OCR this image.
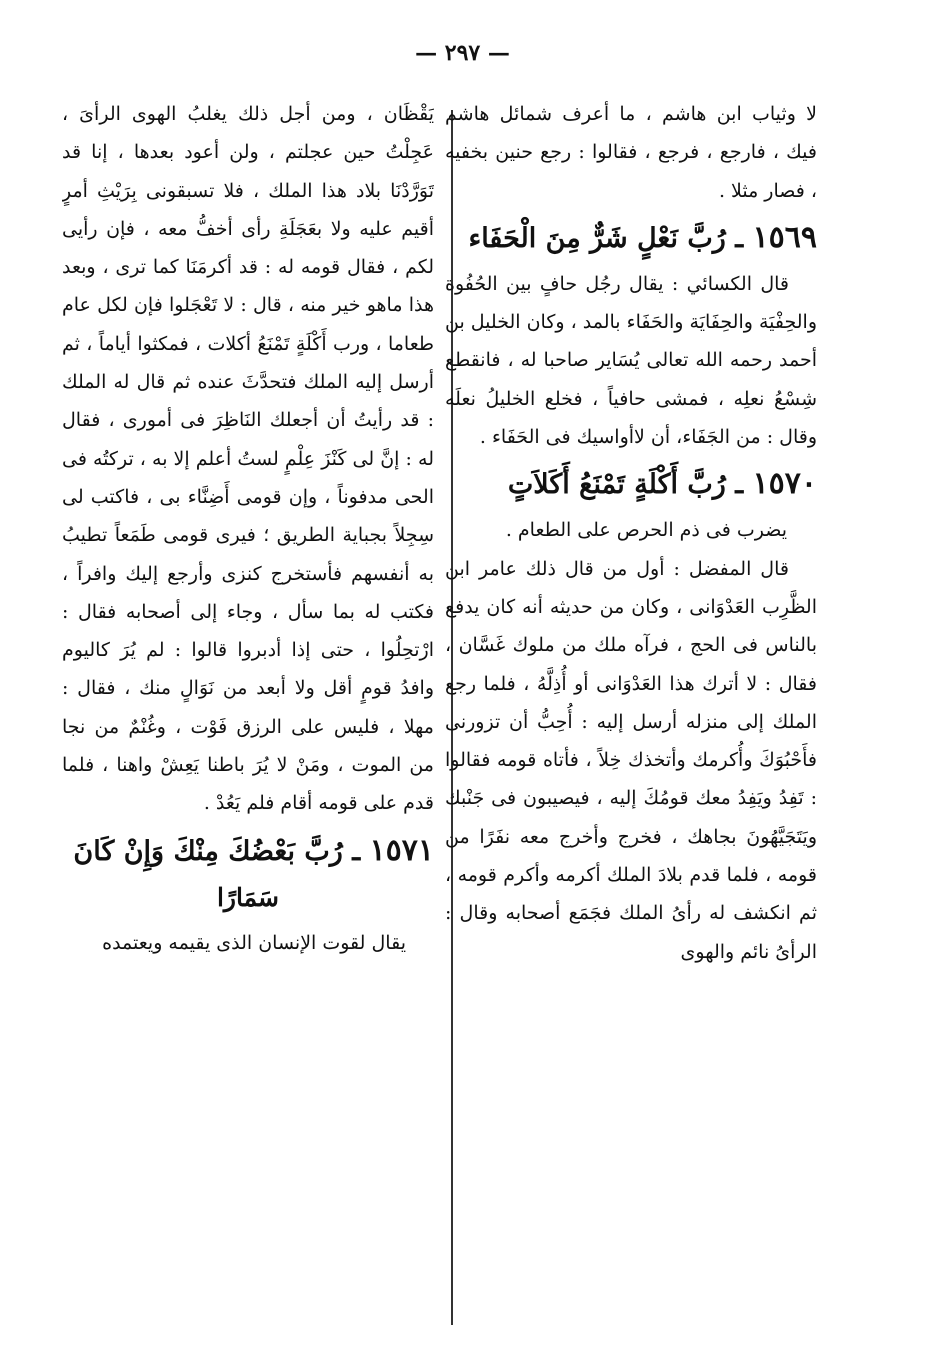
— ٢٩٧ —

لا وثياب ابن هاشم ، ما أعرف شمائل هاشم فيك ، فارجع ، فرجع ، فقالوا : رجع حنين بخفيه ، فصار مثلا .

١٥٦٩ ـ رُبَّ نَعْلٍ شَرٌّ مِنَ الْحَفَاء

قال الكسائي : يقال رجُل حافٍ بين الحُفُوة والحِفْيَة والحِفَايَة والحَفَاء بالمد ، وكان الخليل بن أحمد رحمه الله تعالى يُسَاير صاحبا له ، فانقطع شِسْعُ نعلِه ، فمشى حافياً ، فخلع الخليلُ نعلَه وقال : من الجَفَاء، أن لاأواسيك فى الحَفَاء .

١٥٧٠ ـ رُبَّ أَكْلَةٍ تَمْنَعُ أَكَلاَتٍ

يضرب فى ذم الحرص على الطعام .

قال المفضل : أول من قال ذلك عامر ابن الظَّرِب العَدْوَانى ، وكان من حديثه أنه كان يدفع بالناس فى الحج ، فرآه ملك من ملوك غَسَّان ، فقال : لا أترك هذا العَدْوَانى أو أُذِلَّهُ ، فلما رجع الملك إلى منزله أرسل إليه : أُحِبُّ أن تزورنى فأَحْبُوَكَ وأُكرمك وأتخذك خِلاً ، فأتاه قومه فقالوا : تَفِدُ ويَفِدُ معك قومُكَ إليه ، فيصيبون فى جَنْبك ويَتَجَيَّهُونَ بجاهك ، فخرج وأخرج معه نفَرًا من قومه ، فلما قدم بلادَ الملك أكرمه وأكرم قومه ، ثم انكشف له رأىُ الملك فجَمَع أصحابه وقال : الرأىُ نائم والهوى

يَقْظَان ، ومن أجل ذلك يغلبُ الهوى الرأىَ ، عَجِلْتُ حين عجلتم ، ولن أعود بعدها ، إنا قد تَوَرَّدْنَا بلاد هذا الملك ، فلا تسبقونى بِرَيْثِ أمرٍ أقيم عليه ولا بعَجَلَةِ رأى أخفُّ معه ، فإن رأيى لكم ، فقال قومه له : قد أكرمَنَا كما ترى ، وبعد هذا ماهو خير منه ، قال : لا تَعْجَلوا فإن لكل عام طعاما ، ورب أَكْلَةٍ تَمْنَعُ أكلات ، فمكثوا أياماً ، ثم أرسل إليه الملك فتحدَّثَ عنده ثم قال له الملك : قد رأيتُ أن أجعلك النَاظِرَ فى أمورى ، فقال له : إنَّ لى كَنْزَ عِلْمٍ لستُ أعلم إلا به ، تركتُه فى الحى مدفوناً ، وإن قومى أَضِنَّاء بى ، فاكتب لى سِجِلاً بجباية الطريق ؛ فيرى قومى طَمَعاً تطيبُ به أنفسهم فأستخرج كنزى وأرجع إليك وافراً ، فكتب له بما سأل ، وجاء إلى أصحابه فقال : ارْتحِلُوا ، حتى إذا أدبروا قالوا : لم يُرَ كاليوم وافدُ قومٍ أقل ولا أبعد من نَوَالٍ منك ، فقال : مهلا ، فليس على الرزق فَوْت ، وغُنْمٌ من نجا من الموت ، ومَنْ لا يُرَ باطنا يَعِشْ واهنا ، فلما قدم على قومه أقام فلم يَعُدْ .

١٥٧١ ـ رُبَّ بَعْضُكَ مِنْكَ وَإِنْ كَانَ
سَمَارًا

يقال لقوت الإنسان الذى يقيمه ويعتمده
